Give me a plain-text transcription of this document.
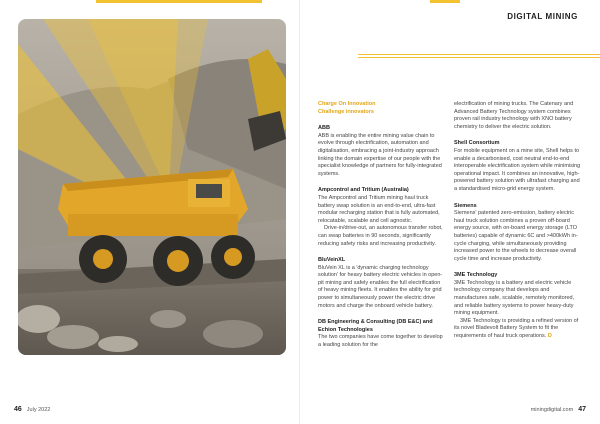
DIGITAL MINING

Charge On Innovation
Challenge innovators

ABB

ABB is enabling the entire mining value chain to evolve through electrification, automation and digitalisation, embracing a joint-industry approach linking the domain expertise of our people with the specialist knowledge of partners for fully-integrated systems.

Ampcontrol and Tritium (Australia)

The Ampcontrol and Tritium mining haul truck battery swap solution is an end-to-end, ultra-fast modular recharging station that is fully automated, relocatable, scalable and cell agnostic.

Drive-in/drive-out, an autonomous transfer robot, can swap batteries in 90 seconds, significantly reducing safety risks and increasing productivity.

BluVeinXL

BluVein XL is a 'dynamic charging technology solution' for heavy battery electric vehicles in open-pit mining and safely enables the full electrification of heavy mining fleets. It enables the ability for grid power to simultaneously power the electric drive motors and charge the onboard vehicle battery.

DB Engineering & Consulting (DB E&C) and Echion Technologies

The two companies have come together to develop a leading solution for the

electrification of mining trucks. The Catenary and Advanced Battery Technology system combines proven rail industry technology with XNO battery chemistry to deliver the electric solution.

Shell Consortium

For mobile equipment on a mine site, Shell helps to enable a decarbonised, cost neutral end-to-end interoperable electrification system while minimising operational impact. It combines an innovative, high-powered battery solution with ultrafast charging and a standardised micro-grid energy system.

Siemens

Siemens' patented zero-emission, battery electric haul truck solution combines a proven off-board energy source, with on-board energy storage (LTO batteries) capable of dynamic 6C and >400kWh in-cycle charging, while simultaneously providing increased power to the wheels to decrease overall cycle time and increase productivity.

3ME Technology

3ME Technology is a battery and electric vehicle technology company that develops and manufactures safe, scalable, remotely monitored, and reliable battery systems to power heavy-duty mining equipment.

3ME Technology is providing a refined version of its novel Bladevolt Battery System to fit the requirements of haul truck operations. D

46 July 2022	miningdigital.com 47
